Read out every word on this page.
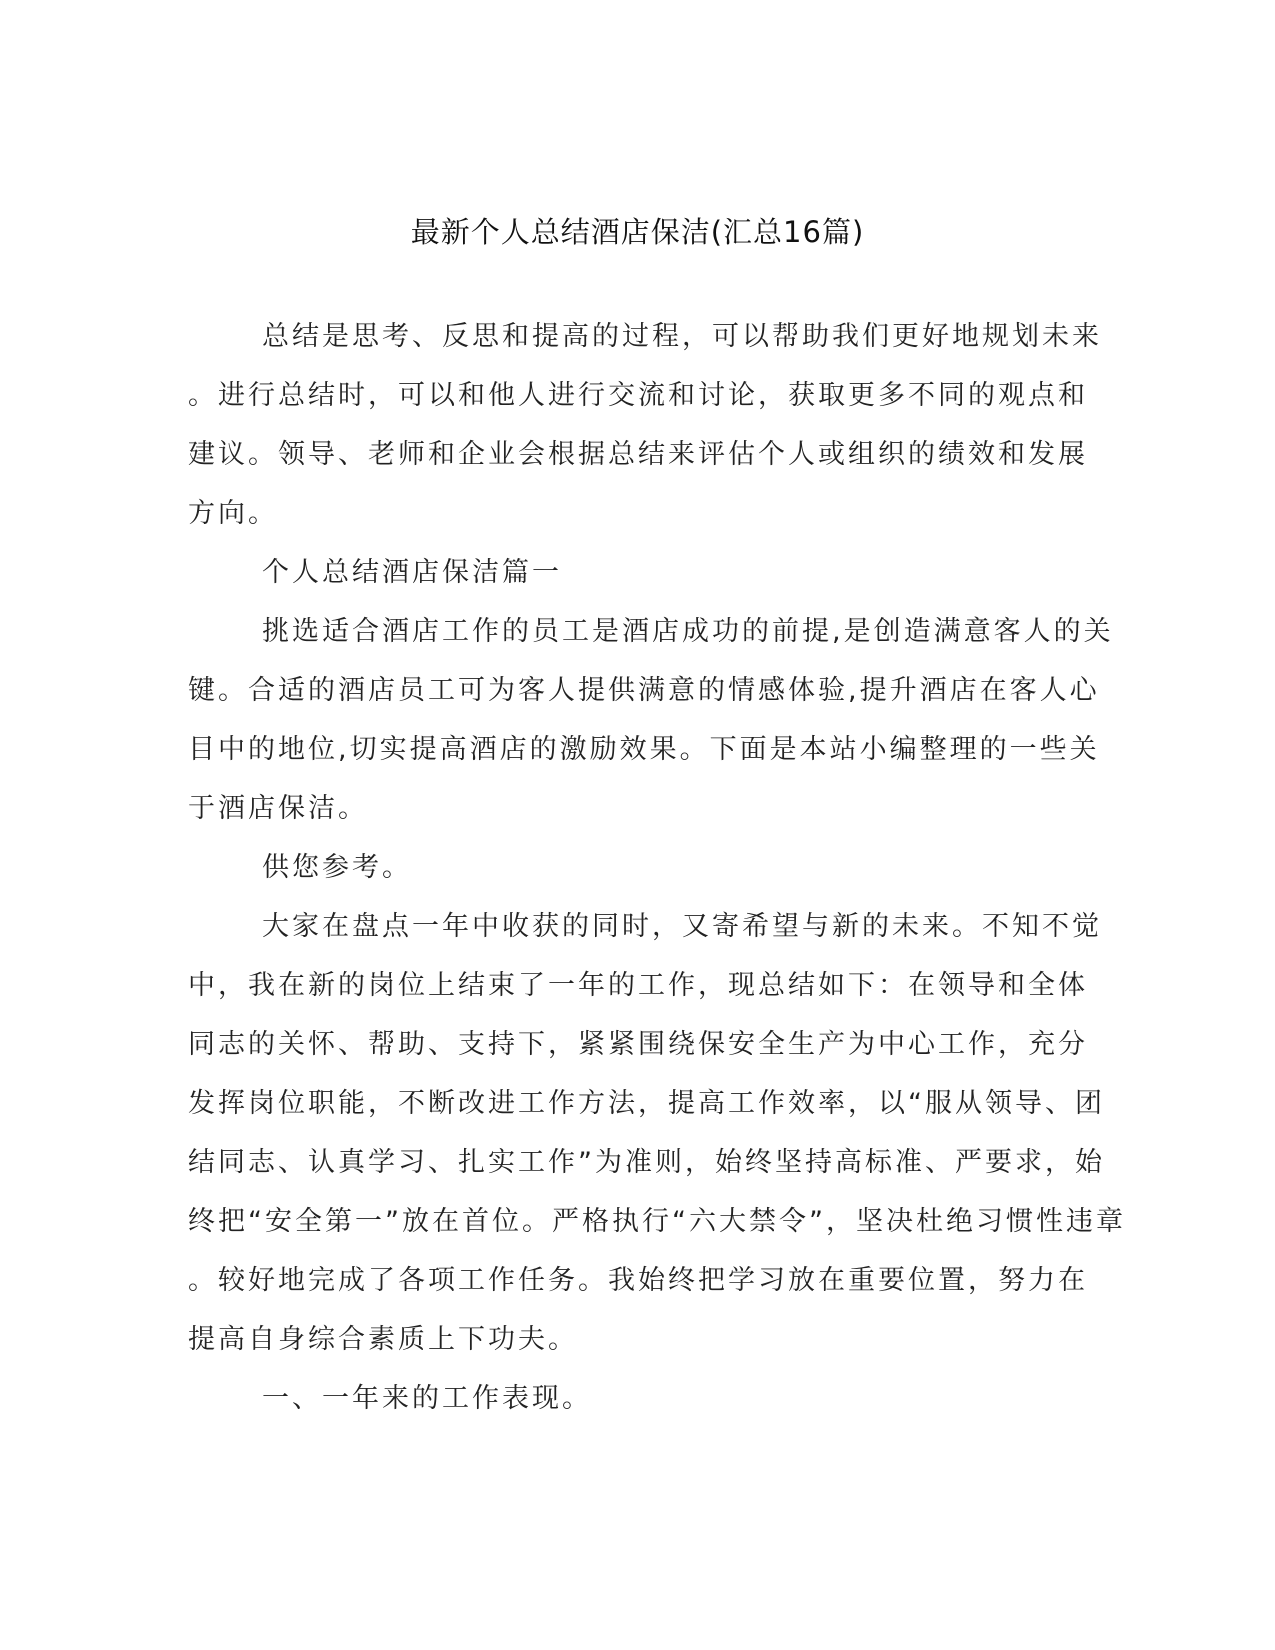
最新个人总结酒店保洁(汇总16篇)
总结是思考、反思和提高的过程，可以帮助我们更好地规划未来
。进行总结时，可以和他人进行交流和讨论，获取更多不同的观点和
建议。领导、老师和企业会根据总结来评估个人或组织的绩效和发展
方向。
个人总结酒店保洁篇一
挑选适合酒店工作的员工是酒店成功的前提,是创造满意客人的关
键。合适的酒店员工可为客人提供满意的情感体验,提升酒店在客人心
目中的地位,切实提高酒店的激励效果。下面是本站小编整理的一些关
于酒店保洁。
供您参考。
大家在盘点一年中收获的同时，又寄希望与新的未来。不知不觉
中，我在新的岗位上结束了一年的工作，现总结如下：在领导和全体
同志的关怀、帮助、支持下，紧紧围绕保安全生产为中心工作，充分
发挥岗位职能，不断改进工作方法，提高工作效率，以“服从领导、团
结同志、认真学习、扎实工作”为准则，始终坚持高标准、严要求，始
终把“安全第一”放在首位。严格执行“六大禁令”，坚决杜绝习惯性违章
。较好地完成了各项工作任务。我始终把学习放在重要位置，努力在
提高自身综合素质上下功夫。
一、一年来的工作表现。
